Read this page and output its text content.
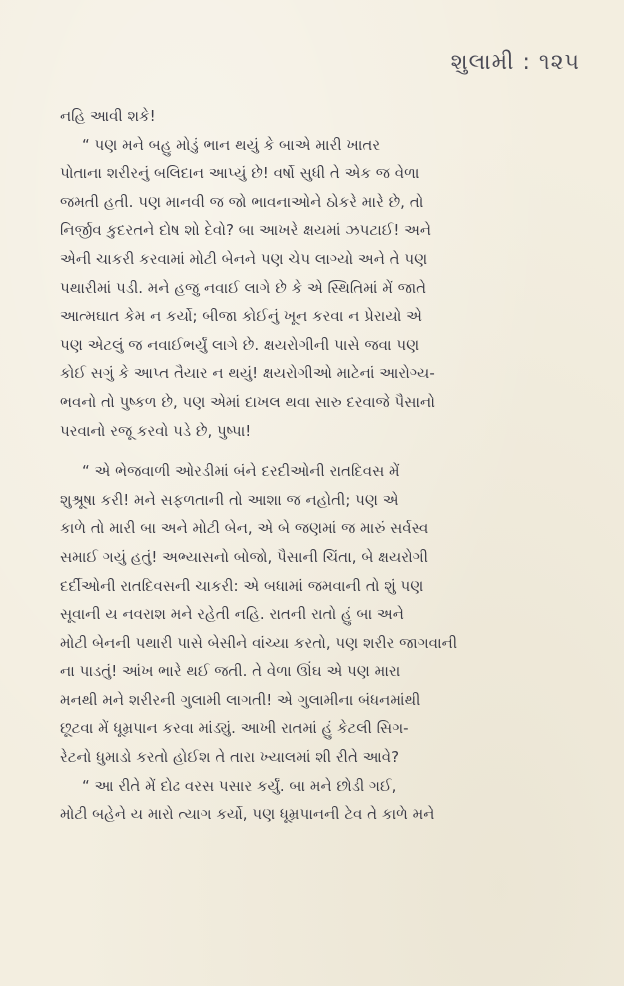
શુલામી : ૧૨૫
નહિ આવી શકે!
“ પણ મને બહુ મોડું ભાન થયું કે બાએ મારી ખાતર
પોતાના શરીરનું બલિદાન આપ્યું છે! વર્ષો સુધી તે એક જ વેળા
જમતી હતી. પણ માનવી જ જો ભાવનાઓને ઠોકરે મારે છે, તો
નિર્જીવ કુદરતને દોષ શો દેવો? બા આખરે ક્ષયમાં ઝપટાઈ! અને
એની ચાકરી કરવામાં મોટી બેનને પણ ચેપ લાગ્યો અને તે પણ
પથારીમાં પડી. મને હજુ નવાઈ લાગે છે કે એ સ્થિતિમાં મેં જાતે
આત્મઘાત કેમ ન કર્યો; બીજા કોઈનું ખૂન કરવા ન પ્રેરાયો એ
પણ એટલું જ નવાઈભર્યું લાગે છે. ક્ષયરોગીની પાસે જવા પણ
કોઈ સગું કે આપ્ત તૈયાર ન થયું! ક્ષયરોગીઓ માટેનાં આરોગ્ય-
ભવનો તો પુષ્કળ છે, પણ એમાં દાખલ થવા સારુ દરવાજે પૈસાનો
પરવાનો રજૂ કરવો પડે છે, પુષ્પા!
“ એ ભેજવાળી ઓરડીમાં બંને દરદીઓની રાતદિવસ મેં
શુશ્રૂષા કરી! મને સફળતાની તો આશા જ નહોતી; પણ એ
કાળે તો મારી બા અને મોટી બેન, એ બે જણમાં જ મારું સર્વસ્વ
સમાઈ ગયું હતું! અભ્યાસનો બોજો, પૈસાની ચિંતા, બે ક્ષયરોગી
દર્દીઓની રાતદિવસની ચાકરી: એ બધામાં જમવાની તો શું પણ
સૂવાની ય નવરાશ મને રહેતી નહિ. રાતની રાતો હું બા અને
મોટી બેનની પથારી પાસે બેસીને વાંચ્યા કરતો, પણ શરીર જાગવાની
ના પાડતું! આંખ ભારે થઈ જતી. તે વેળા ઊંઘ એ પણ મારા
મનથી મને શરીરની ગુલામી લાગતી! એ ગુલામીના બંધનમાંથી
છૂટવા મેં ધૂમ્રપાન કરવા માંડ્યું. આખી રાતમાં હું કેટલી સિગ-
રેટનો ધુમાડો કરતો હોઈશ તે તારા ખ્યાલમાં શી રીતે આવે?
“ આ રીતે મેં દોઢ વરસ પસાર કર્યું. બા મને છોડી ગઈ,
મોટી બહેને ય મારો ત્યાગ કર્યો, પણ ધૂમ્રપાનની ટેવ તે કાળે મને
